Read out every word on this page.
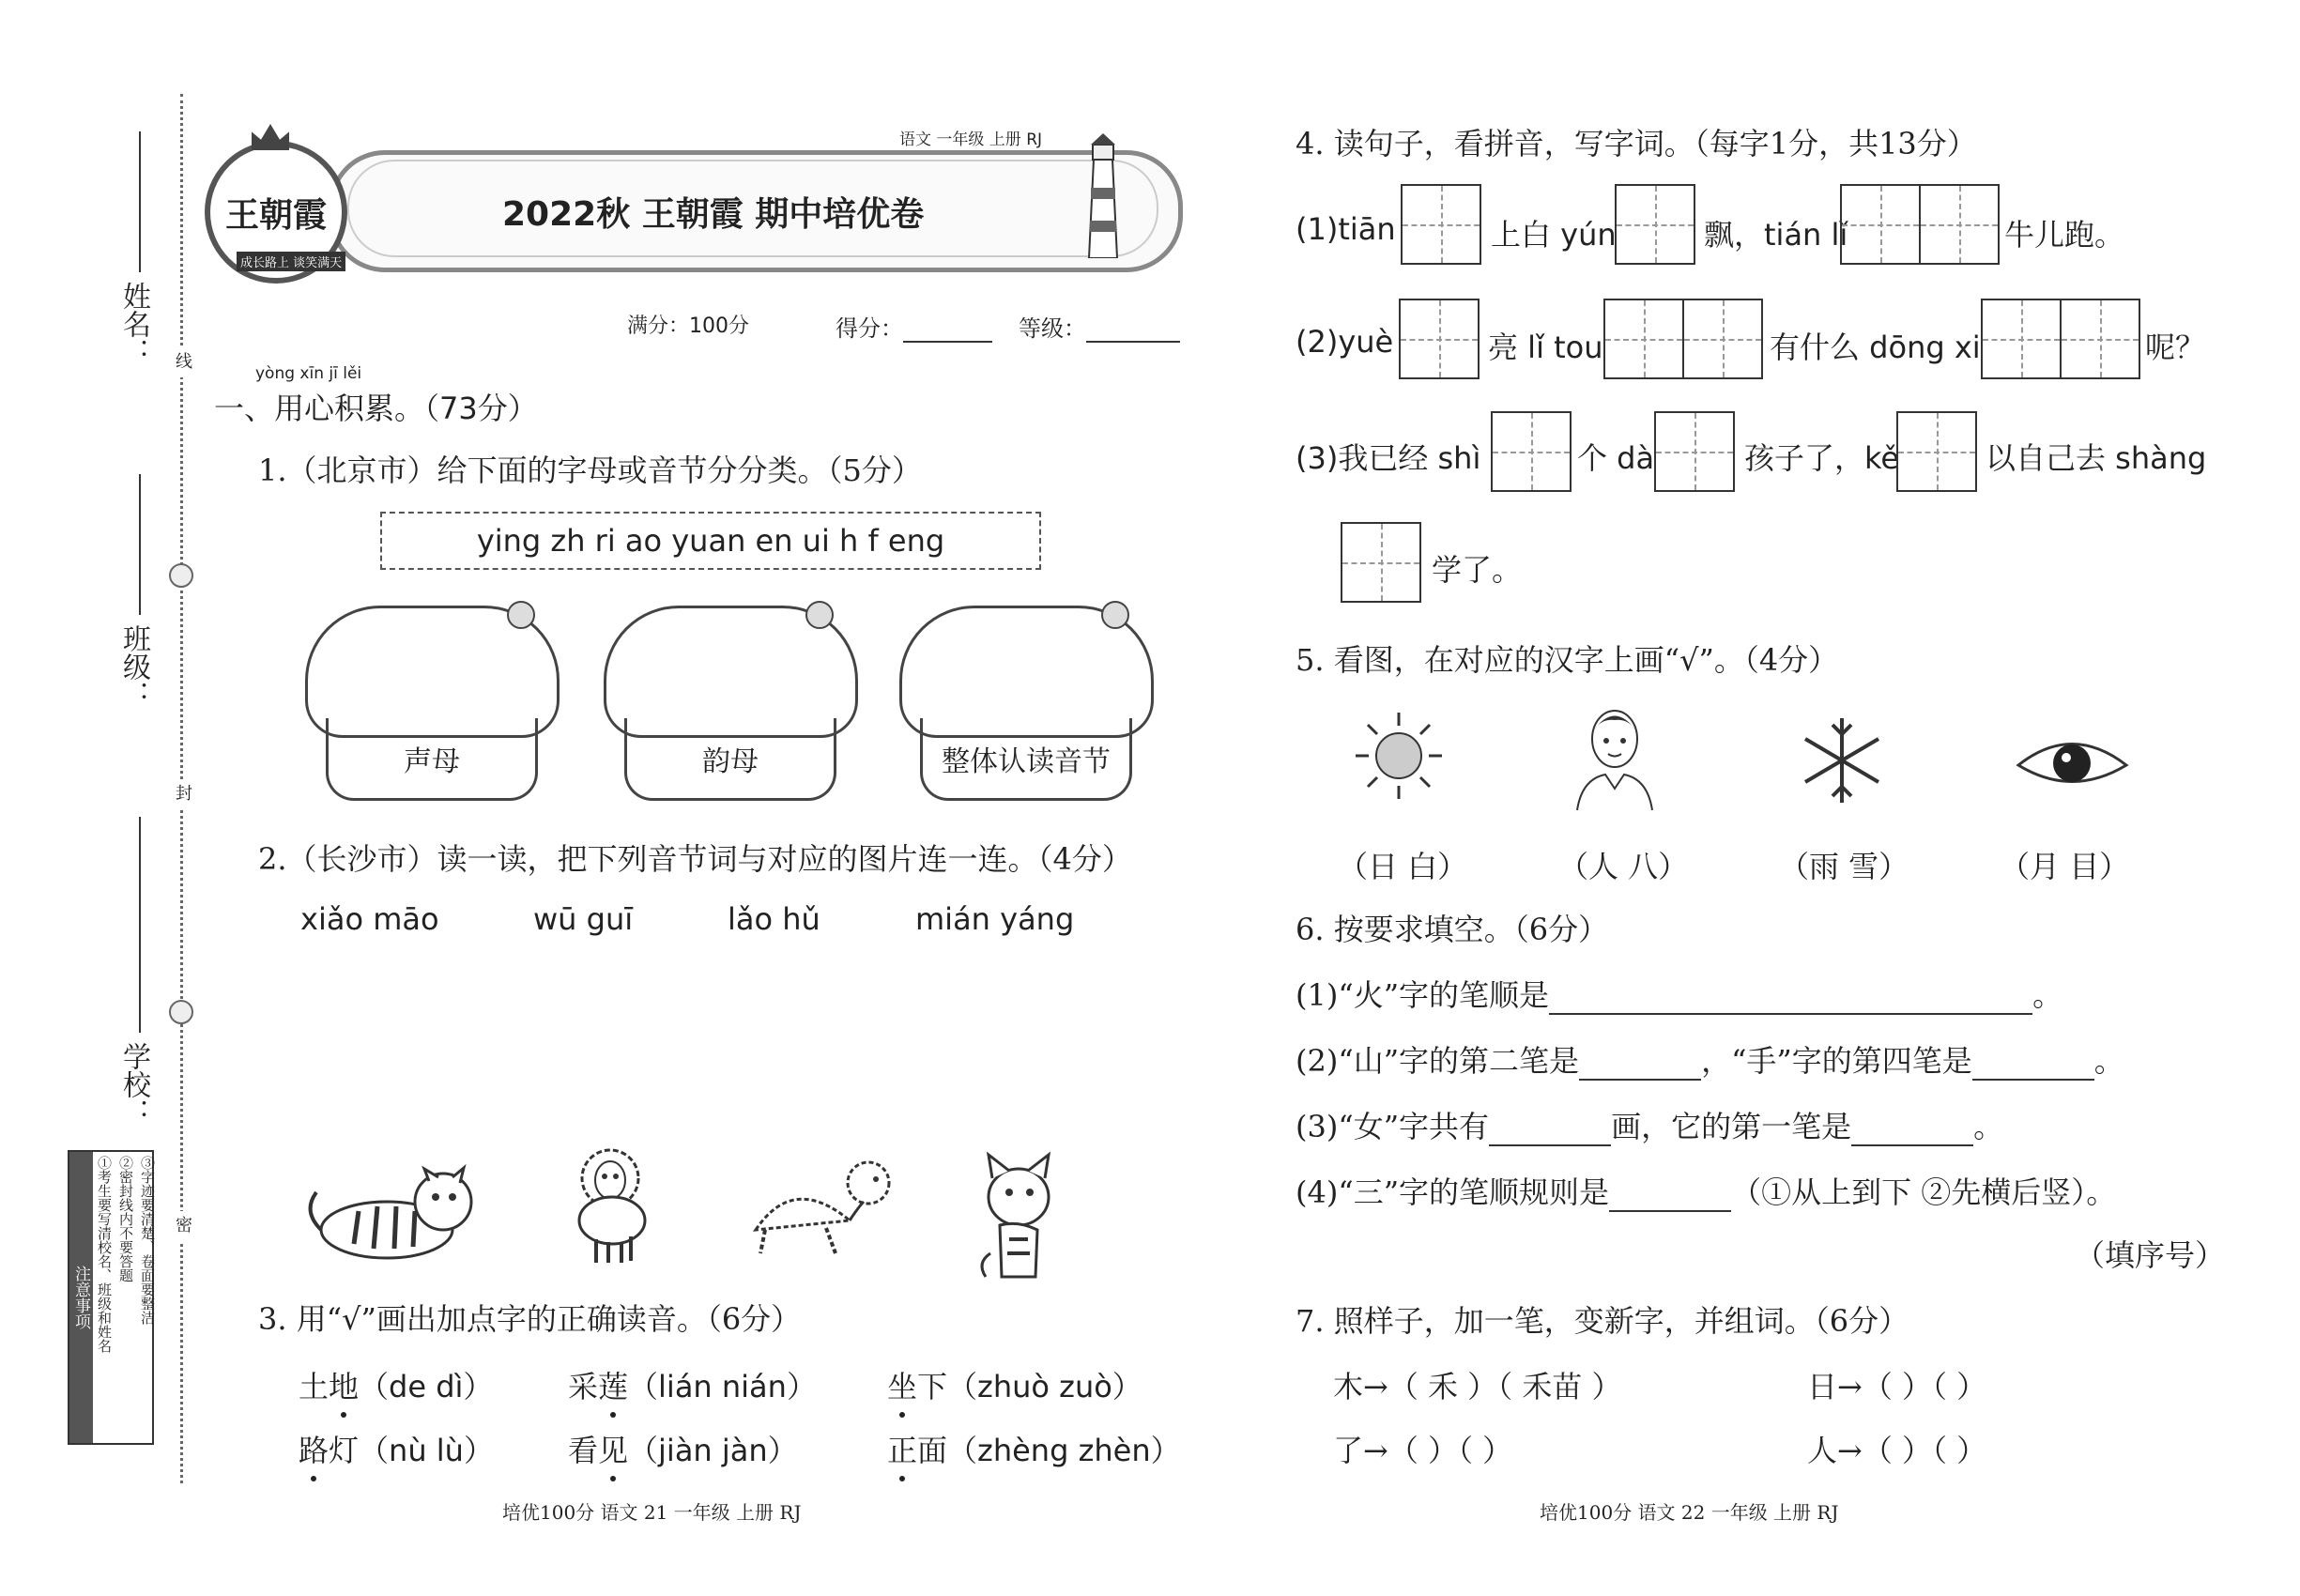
姓名：
班级：
学校：
线
封
密
注意事项 ①考生要写清校名、班级和姓名 ②密封线内不要答题 ③字迹要清楚、卷面要整洁
王朝霞
成长路上 谈笑满天
语文 一年级 上册 RJ
2022秋 王朝霞 期中培优卷
满分：100分	得分：	等级：
yòng xīn jī lěi
一、用心积累。（73分）
1.（北京市）给下面的字母或音节分分类。（5分）
ying zh ri ao yuan en ui h f eng
声母	韵母	整体认读音节
2.（长沙市）读一读，把下列音节词与对应的图片连一连。（4分）
xiǎo māo	wū guī	lǎo hǔ	mián yáng
3. 用“√”画出加点字的正确读音。（6分）
土地（de dì） 采莲（lián nián） 坐下（zhuò zuò）
路灯（nù lù） 看见（jiàn jàn）	正面（zhèng zhèn）
培优100分 语文 21 一年级 上册 RJ
4. 读句子，看拼音，写字词。（每字1分，共13分）
(1)tiān	上白 yún	飘，tián lǐ	牛儿跑。
(2)yuè	亮 lǐ tou	有什么 dōng xi	呢？
(3)我已经 shì	个 dà	孩子了，kě	以自己去 shàng
学了。
5. 看图，在对应的汉字上画“√”。（4分）
（日 白）	（人 八）	（雨 雪）	（月 目）
6. 按要求填空。（6分）
(1)“火”字的笔顺是	。
(2)“山”字的第二笔是	，“手”字的第四笔是	。
(3)“女”字共有	画，它的第一笔是	。
(4)“三”字的笔顺规则是	（①从上到下 ②先横后竖）。
（填序号）
7. 照样子，加一笔，变新字，并组词。（6分）
木→（ 禾 ）（ 禾苗 ）	日→（ ）（ ）
了→（ ）（ ）	人→（ ）（ ）
培优100分 语文 22 一年级 上册 RJ
